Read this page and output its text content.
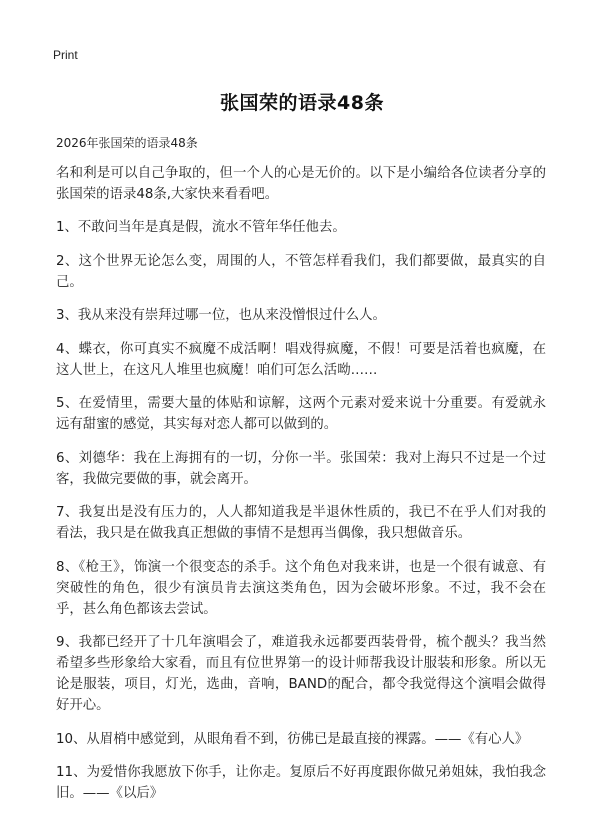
Print
张国荣的语录48条
2026年张国荣的语录48条

名和利是可以自己争取的，但一个人的心是无价的。以下是小编给各位读者分享的张国荣的语录48条,大家快来看看吧。

1、不敢问当年是真是假，流水不管年华任他去。

2、这个世界无论怎么变，周围的人，不管怎样看我们，我们都要做，最真实的自己。

3、我从来没有崇拜过哪一位，也从来没憎恨过什么人。

4、蝶衣，你可真实不疯魔不成活啊！唱戏得疯魔，不假！可要是活着也疯魔，在这人世上，在这凡人堆里也疯魔！咱们可怎么活呦……

5、在爱情里，需要大量的体贴和谅解，这两个元素对爱来说十分重要。有爱就永远有甜蜜的感觉，其实每对恋人都可以做到的。

6、刘德华：我在上海拥有的一切，分你一半。张国荣：我对上海只不过是一个过客，我做完要做的事，就会离开。

7、我复出是没有压力的，人人都知道我是半退休性质的，我已不在乎人们对我的看法，我只是在做我真正想做的事情不是想再当偶像，我只想做音乐。

8、《枪王》，饰演一个很变态的杀手。这个角色对我来讲，也是一个很有诚意、有突破性的角色，很少有演员肯去演这类角色，因为会破坏形象。不过，我不会在乎，甚么角色都该去尝试。

9、我都已经开了十几年演唱会了，难道我永远都要西装骨骨，梳个靓头？我当然希望多些形象给大家看，而且有位世界第一的设计师帮我设计服装和形象。所以无论是服装，项目，灯光，选曲，音响，BAND的配合，都令我觉得这个演唱会做得好开心。

10、从眉梢中感觉到，从眼角看不到，彷佛已是最直接的裸露。——《有心人》

11、为爱惜你我愿放下你手，让你走。复原后不好再度跟你做兄弟姐妹，我怕我念旧。——《以后》
